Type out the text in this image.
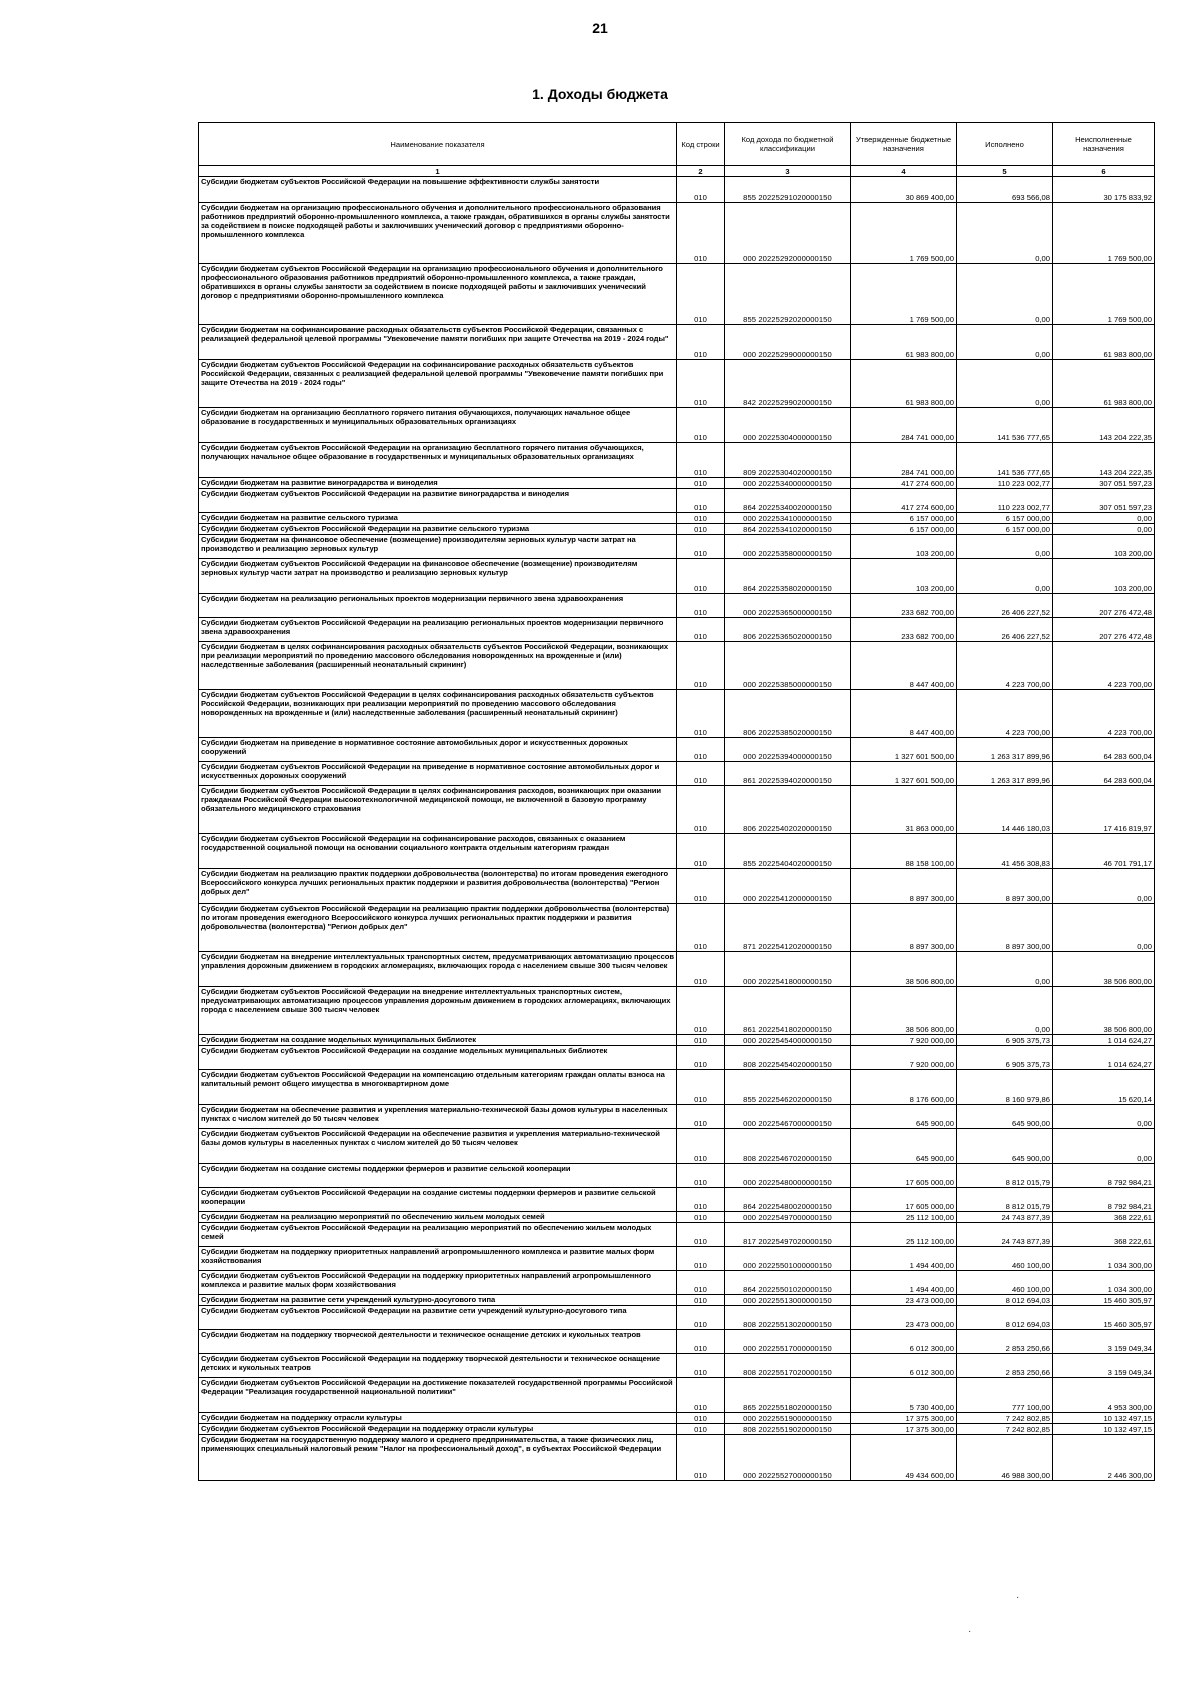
21
1. Доходы бюджета
Наименование показателя	Код строки	Код дохода по бюджетной классификации	Утвержденные бюджетные назначения	Исполнено	Неисполненные назначения
1	2	3	4	5	6
Субсидии бюджетам субъектов Российской Федерации на повышение эффективности службы занятости	010	855 20225291020000150	30 869 400,00	693 566,08	30 175 833,92
Субсидии бюджетам на организацию профессионального обучения и дополнительного профессионального образования работников предприятий оборонно-промышленного комплекса, а также граждан, обратившихся в органы службы занятости за содействием в поиске подходящей работы и заключивших ученический договор с предприятиями оборонно-промышленного комплекса	010	000 20225292000000150	1 769 500,00	0,00	1 769 500,00
Субсидии бюджетам субъектов Российской Федерации на организацию профессионального обучения и дополнительного профессионального образования работников предприятий оборонно-промышленного комплекса, а также граждан, обратившихся в органы службы занятости за содействием в поиске подходящей работы и заключивших ученический договор с предприятиями оборонно-промышленного комплекса	010	855 20225292020000150	1 769 500,00	0,00	1 769 500,00
Субсидии бюджетам на софинансирование расходных обязательств субъектов Российской Федерации, связанных с реализацией федеральной целевой программы "Увековечение памяти погибших при защите Отечества на 2019 - 2024 годы"	010	000 20225299000000150	61 983 800,00	0,00	61 983 800,00
Субсидии бюджетам субъектов Российской Федерации на софинансирование расходных обязательств субъектов Российской Федерации, связанных с реализацией федеральной целевой программы "Увековечение памяти погибших при защите Отечества на 2019 - 2024 годы"	010	842 20225299020000150	61 983 800,00	0,00	61 983 800,00
Субсидии бюджетам на организацию бесплатного горячего питания обучающихся, получающих начальное общее образование в государственных и муниципальных образовательных организациях	010	000 20225304000000150	284 741 000,00	141 536 777,65	143 204 222,35
Субсидии бюджетам субъектов Российской Федерации на организацию бесплатного горячего питания обучающихся, получающих начальное общее образование в государственных и муниципальных образовательных организациях	010	809 20225304020000150	284 741 000,00	141 536 777,65	143 204 222,35
Субсидии бюджетам на развитие виноградарства и виноделия	010	000 20225340000000150	417 274 600,00	110 223 002,77	307 051 597,23
Субсидии бюджетам субъектов Российской Федерации на развитие виноградарства и виноделия	010	864 20225340020000150	417 274 600,00	110 223 002,77	307 051 597,23
Субсидии бюджетам на развитие сельского туризма	010	000 20225341000000150	6 157 000,00	6 157 000,00	0,00
Субсидии бюджетам субъектов Российской Федерации на развитие сельского туризма	010	864 20225341020000150	6 157 000,00	6 157 000,00	0,00
Субсидии бюджетам на финансовое обеспечение (возмещение) производителям зерновых культур части затрат на производство и реализацию зерновых культур	010	000 20225358000000150	103 200,00	0,00	103 200,00
Субсидии бюджетам субъектов Российской Федерации на финансовое обеспечение (возмещение) производителям зерновых культур части затрат на производство и реализацию зерновых культур	010	864 20225358020000150	103 200,00	0,00	103 200,00
Субсидии бюджетам на реализацию региональных проектов модернизации первичного звена здравоохранения	010	000 20225365000000150	233 682 700,00	26 406 227,52	207 276 472,48
Субсидии бюджетам субъектов Российской Федерации на реализацию региональных проектов модернизации первичного звена здравоохранения	010	806 20225365020000150	233 682 700,00	26 406 227,52	207 276 472,48
Субсидии бюджетам в целях софинансирования расходных обязательств субъектов Российской Федерации, возникающих при реализации мероприятий по проведению массового обследования новорожденных на врожденные и (или) наследственные заболевания (расширенный неонатальный скрининг)	010	000 20225385000000150	8 447 400,00	4 223 700,00	4 223 700,00
Субсидии бюджетам субъектов Российской Федерации в целях софинансирования расходных обязательств субъектов Российской Федерации, возникающих при реализации мероприятий по проведению массового обследования новорожденных на врожденные и (или) наследственные заболевания (расширенный неонатальный скрининг)	010	806 20225385020000150	8 447 400,00	4 223 700,00	4 223 700,00
Субсидии бюджетам на приведение в нормативное состояние автомобильных дорог и искусственных дорожных сооружений	010	000 20225394000000150	1 327 601 500,00	1 263 317 899,96	64 283 600,04
Субсидии бюджетам субъектов Российской Федерации на приведение в нормативное состояние автомобильных дорог и искусственных дорожных сооружений	010	861 20225394020000150	1 327 601 500,00	1 263 317 899,96	64 283 600,04
Субсидии бюджетам субъектов Российской Федерации в целях софинансирования расходов, возникающих при оказании гражданам Российской Федерации высокотехнологичной медицинской помощи, не включенной в базовую программу обязательного медицинского страхования	010	806 20225402020000150	31 863 000,00	14 446 180,03	17 416 819,97
Субсидии бюджетам субъектов Российской Федерации на софинансирование расходов, связанных с оказанием государственной социальной помощи на основании социального контракта отдельным категориям граждан	010	855 20225404020000150	88 158 100,00	41 456 308,83	46 701 791,17
Субсидии бюджетам на реализацию практик поддержки добровольчества (волонтерства) по итогам проведения ежегодного Всероссийского конкурса лучших региональных практик поддержки и развития добровольчества (волонтерства) "Регион добрых дел"	010	000 20225412000000150	8 897 300,00	8 897 300,00	0,00
Субсидии бюджетам субъектов Российской Федерации на реализацию практик поддержки добровольчества (волонтерства) по итогам проведения ежегодного Всероссийского конкурса лучших региональных практик поддержки и развития добровольчества (волонтерства) "Регион добрых дел"	010	871 20225412020000150	8 897 300,00	8 897 300,00	0,00
Субсидии бюджетам на внедрение интеллектуальных транспортных систем, предусматривающих автоматизацию процессов управления дорожным движением в городских агломерациях, включающих города с населением свыше 300 тысяч человек	010	000 20225418000000150	38 506 800,00	0,00	38 506 800,00
Субсидии бюджетам субъектов Российской Федерации на внедрение интеллектуальных транспортных систем, предусматривающих автоматизацию процессов управления дорожным движением в городских агломерациях, включающих города с населением свыше 300 тысяч человек	010	861 20225418020000150	38 506 800,00	0,00	38 506 800,00
Субсидии бюджетам на создание модельных муниципальных библиотек	010	000 20225454000000150	7 920 000,00	6 905 375,73	1 014 624,27
Субсидии бюджетам субъектов Российской Федерации на создание модельных муниципальных библиотек	010	808 20225454020000150	7 920 000,00	6 905 375,73	1 014 624,27
Субсидии бюджетам субъектов Российской Федерации на компенсацию отдельным категориям граждан оплаты взноса на капитальный ремонт общего имущества в многоквартирном доме	010	855 20225462020000150	8 176 600,00	8 160 979,86	15 620,14
Субсидии бюджетам на обеспечение развития и укрепления материально-технической базы домов культуры в населенных пунктах с числом жителей до 50 тысяч человек	010	000 20225467000000150	645 900,00	645 900,00	0,00
Субсидии бюджетам субъектов Российской Федерации на обеспечение развития и укрепления материально-технической базы домов культуры в населенных пунктах с числом жителей до 50 тысяч человек	010	808 20225467020000150	645 900,00	645 900,00	0,00
Субсидии бюджетам на создание системы поддержки фермеров и развитие сельской кооперации	010	000 20225480000000150	17 605 000,00	8 812 015,79	8 792 984,21
Субсидии бюджетам субъектов Российской Федерации на создание системы поддержки фермеров и развитие сельской кооперации	010	864 20225480020000150	17 605 000,00	8 812 015,79	8 792 984,21
Субсидии бюджетам на реализацию мероприятий по обеспечению жильем молодых семей	010	000 20225497000000150	25 112 100,00	24 743 877,39	368 222,61
Субсидии бюджетам субъектов Российской Федерации на реализацию мероприятий по обеспечению жильем молодых семей	010	817 20225497020000150	25 112 100,00	24 743 877,39	368 222,61
Субсидии бюджетам на поддержку приоритетных направлений агропромышленного комплекса и развитие малых форм хозяйствования	010	000 20225501000000150	1 494 400,00	460 100,00	1 034 300,00
Субсидии бюджетам субъектов Российской Федерации на поддержку приоритетных направлений агропромышленного комплекса и развитие малых форм хозяйствования	010	864 20225501020000150	1 494 400,00	460 100,00	1 034 300,00
Субсидии бюджетам на развитие сети учреждений культурно-досугового типа	010	000 20225513000000150	23 473 000,00	8 012 694,03	15 460 305,97
Субсидии бюджетам субъектов Российской Федерации на развитие сети учреждений культурно-досугового типа	010	808 20225513020000150	23 473 000,00	8 012 694,03	15 460 305,97
Субсидии бюджетам на поддержку творческой деятельности и техническое оснащение детских и кукольных театров	010	000 20225517000000150	6 012 300,00	2 853 250,66	3 159 049,34
Субсидии бюджетам субъектов Российской Федерации на поддержку творческой деятельности и техническое оснащение детских и кукольных театров	010	808 20225517020000150	6 012 300,00	2 853 250,66	3 159 049,34
Субсидии бюджетам субъектов Российской Федерации на достижение показателей государственной программы Российской Федерации "Реализация государственной национальной политики"	010	865 20225518020000150	5 730 400,00	777 100,00	4 953 300,00
Субсидии бюджетам на поддержку отрасли культуры	010	000 20225519000000150	17 375 300,00	7 242 802,85	10 132 497,15
Субсидии бюджетам субъектов Российской Федерации на поддержку отрасли культуры	010	808 20225519020000150	17 375 300,00	7 242 802,85	10 132 497,15
Субсидии бюджетам на государственную поддержку малого и среднего предпринимательства, а также физических лиц, применяющих специальный налоговый режим "Налог на профессиональный доход", в субъектах Российской Федерации	010	000 20225527000000150	49 434 600,00	46 988 300,00	2 446 300,00
·
·
